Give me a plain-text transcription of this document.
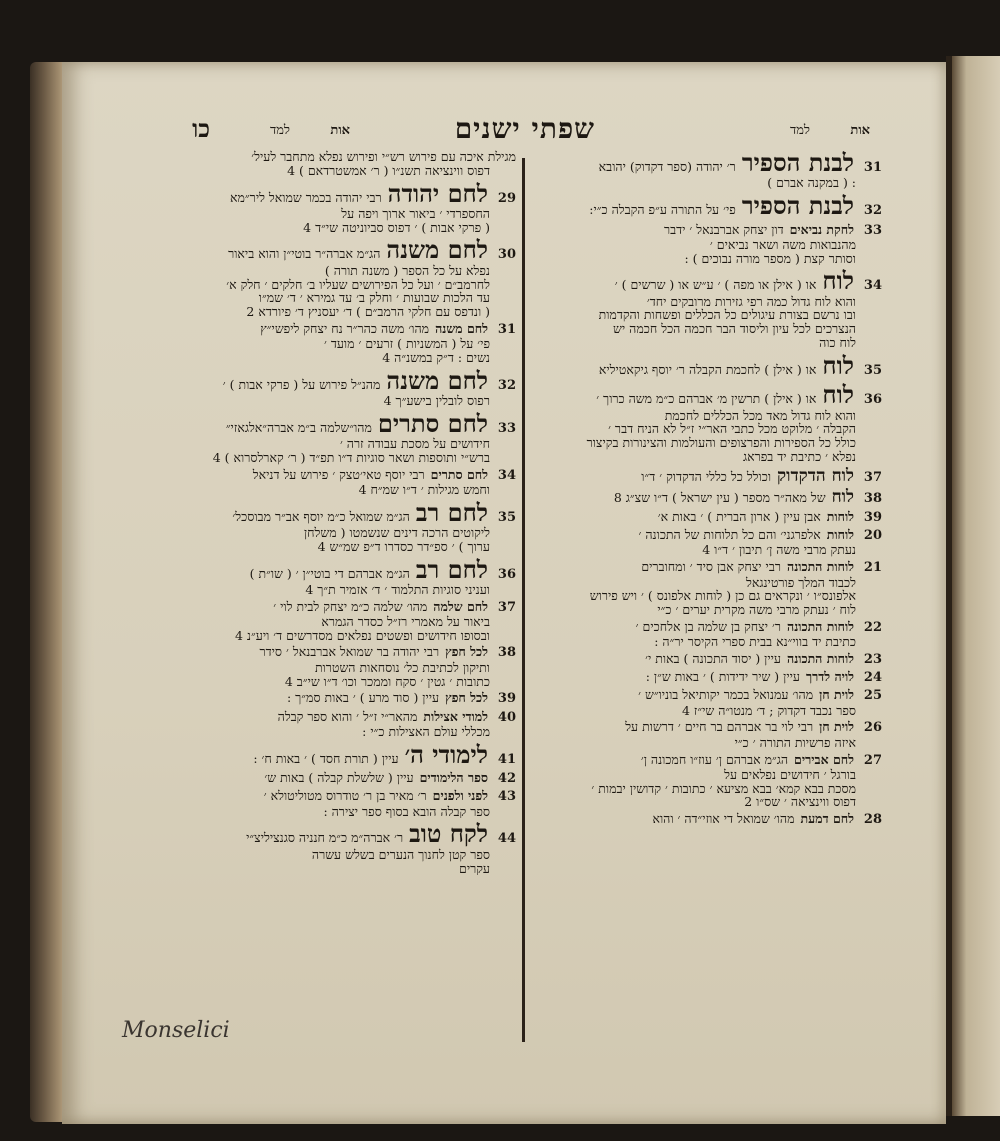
אות
למד
שפתי ישנים
אות
למד
כו
31
לבנת הספיר
ר׳ יהודה (ספר דקדוק) יהובא
: ( במקנה אברם )
32
לבנת הספיר
פי׳ על התורה ע״פ הקבלה כ״י:
33
לחקת נביאים
דון יצחק אברבנאל ׳ ידבר
מהנבואות משה ושאר נביאים ׳
וסותר קצת ( מספר מורה נבוכים ) :
34
לוח
או ( אילן או מפה ) ׳ ע״ש או ( שרשים ) ׳
והוא לוח גדול כמה רפי גזירות מרובקים יחד׳
ובו נרשם בצורת עיגולים כל הכללים ופשחות והקדמות
הנצרכים לכל עיון וליסוד הבר חכמה הכל חכמה יש
לוח כוה
35
לוח
או ( אילן ) לחכמת הקבלה ר׳ יוסף גיקאטיליא
36
לוח
או ( אילן ) תרשין מ׳ אברהם כ״מ משה כרוך ׳
והוא לוח גדול מאד מכל הכללים לחכמת
הקבלה ׳ מלוקט מכל כתבי האר״י ז״ל לא הניח דבר ׳
כולל כל הספירות והפרצופים והעולמות והצינורות בקיצור
נפלא ׳ כתיבת יד בפראג
37
לוח הדקדוק
וכולל כל כללי הדקדוק ׳ ד״ו
38
לוח
של מאה״ר מספר ( עין ישראל ) ד״ו שצ״ג 8
39
לוחות
אבן עיין ( ארון הברית ) ׳ באות א׳
20
לוחות
אלפרגני׳ והם כל תלוחות של התכונה ׳
נעתק מרבי משה ן׳ תיבון ׳ ד״ו 4
21
לוחות התכונה
רבי יצחק אבן סיד ׳ ומחוברים
לכבוד המלך פורטינגאל
אלפונס״ו ׳ ונקראים גם כן ( לוחות אלפונס ) ׳ ויש פירוש
לוח ׳ נעתק מרבי משה מקרית יערים ׳ כ״י
22
לוחות התכונה
ר׳ יצחק בן שלמה בן אלחכים ׳
כתיבת יד בווי״נא בבית ספרי הקיסר יר״ה :
23
לוחות התכונה
עיין ( יסוד התכונה ) באות י׳
24
לויה לדרך
עיין ( שיר ידידות ) ׳ באות ש״ן :
25
לוית חן
מהו׳ עמנואל בכמר יקותיאל בוניו״ש ׳
ספר נכבד דקדוק ; ד׳ מנטו״ה שי״ז 4
26
לוית חן
רבי לוי בר אברהם בר חיים ׳ דרשות על
איזה פרשיות התורה ׳ כ״י
27
לחם אבירים
הג״מ אברהם ן׳ עוז״ו חמכונה ן׳
בורגל ׳ חידושים נפלאים על
מסכת בבא קמא׳ בבא מציעא ׳ כתובות ׳ קדושין יבמות ׳
דפוס ווינציאה ׳ שס״ו 2
28
לחם דמעת
מהו׳ שמואל די אוזי״דה ׳ והוא
מגילת איכה עם פירוש רש״י ופירוש נפלא מתחבר לעיל׳
דפוס ווינציאה תשנ״ו ( ר׳ אמשטרדאם ) 4
29
לחם יהודה
רבי יהודה בכמר שמואל ליר״מא
החספרדי ׳ ביאור ארוך ויפה על
( פרקי אבות ) ׳ דפוס סביוניטה שי״ד 4
30
לחם משנה
הג״מ אברה״ר בוטי״ן והוא ביאור
נפלא על כל הספר ( משנה תורה )
לחרמב״ם ׳ ועל כל הפירושים שעליו ב׳ חלקים ׳ חלק א׳
עד הלכות שבועות ׳ וחלק ב׳ עד גמירא ׳ ד׳ שמ״ו
( ונדפס עם חלקי הרמב״ם ) ד׳ יעסניץ ד׳ פיורדא 2
31
לחם משנה
מהו׳ משה כהר״ר נח יצחק ליפשי״ץ
פי׳ על ( המשניות ) זרעים ׳ מועד ׳
נשים : ד״ק במשנ״ה 4
32
לחם משנה
מהנ״ל פירוש על ( פרקי אבות ) ׳
רפוס לובלין בישע״ך 4
33
לחם סתרים
מהו״שלמה ב״מ אברה״אלגאזי״
חידושים על מסכת עבודה זרה ׳
ברש״י ותוספות ושאר סוגיות ד״ו תפ״ד ( ר׳ קארלסרוא ) 4
34
לחם סתרים
רבי יוסף טאי׳טצק ׳ פירוש על דניאל
וחמש מגילות ׳ ד״ו שמ״ח 4
35
לחם רב
הג״מ שמואל כ״מ יוסף אב״ר מבוסכל׳
ליקוטים הרכה דינים שנשמטו ( משלחן
ערוך ) ׳ ספ״דר כסדרו ד״פ שמ״ש 4
36
לחם רב
הג״מ אברהם די בוטי״ן ׳ ( שו״ת )
ועניני סוגיות התלמוד ׳ ד׳ אזמיר ת״ך 4
37
לחם שלמה
מהו׳ שלמה כ״מ יצחק לבית לוי ׳
ביאור על מאמרי רז״ל כסדר הגמרא
ובסופו חידושים ופשטים נפלאים מסדרשים ד׳ ויע״נ 4
38
לכל חפץ
רבי יהודה בר שמואל אברבנאל ׳ סידר
ותיקון לכתיבת כל׳ נוסחאות השטרות
כתובות ׳ גטין ׳ סקח וממכר וכו׳ ד״ו שי״ב 4
39
לכל חפץ
עיין ( סוד מרע ) ׳ באות סמ״ך :
40
למודי אצילות
מהאר״י ז״ל ׳ והוא ספר קבלה
מכללי עולם האצילות כ״י :
41
לימודי ה׳
עיין ( תורת חסד ) ׳ באות ח׳ :
42
ספר הלימודים
עיין ( שלשלת קבלה ) באות ש׳
43
לפני ולפנים
ר׳ מאיר בן ר׳ טודרוס מטוליטולא ׳
ספר קבלה הובא בסוף ספר יצירה :
44
לקח טוב
ר׳ אברה״מ כ״מ חנניה סגנציליצ״י
ספר קטן לחנוך הנערים בשלש עשרה
עקרים
Monselici
